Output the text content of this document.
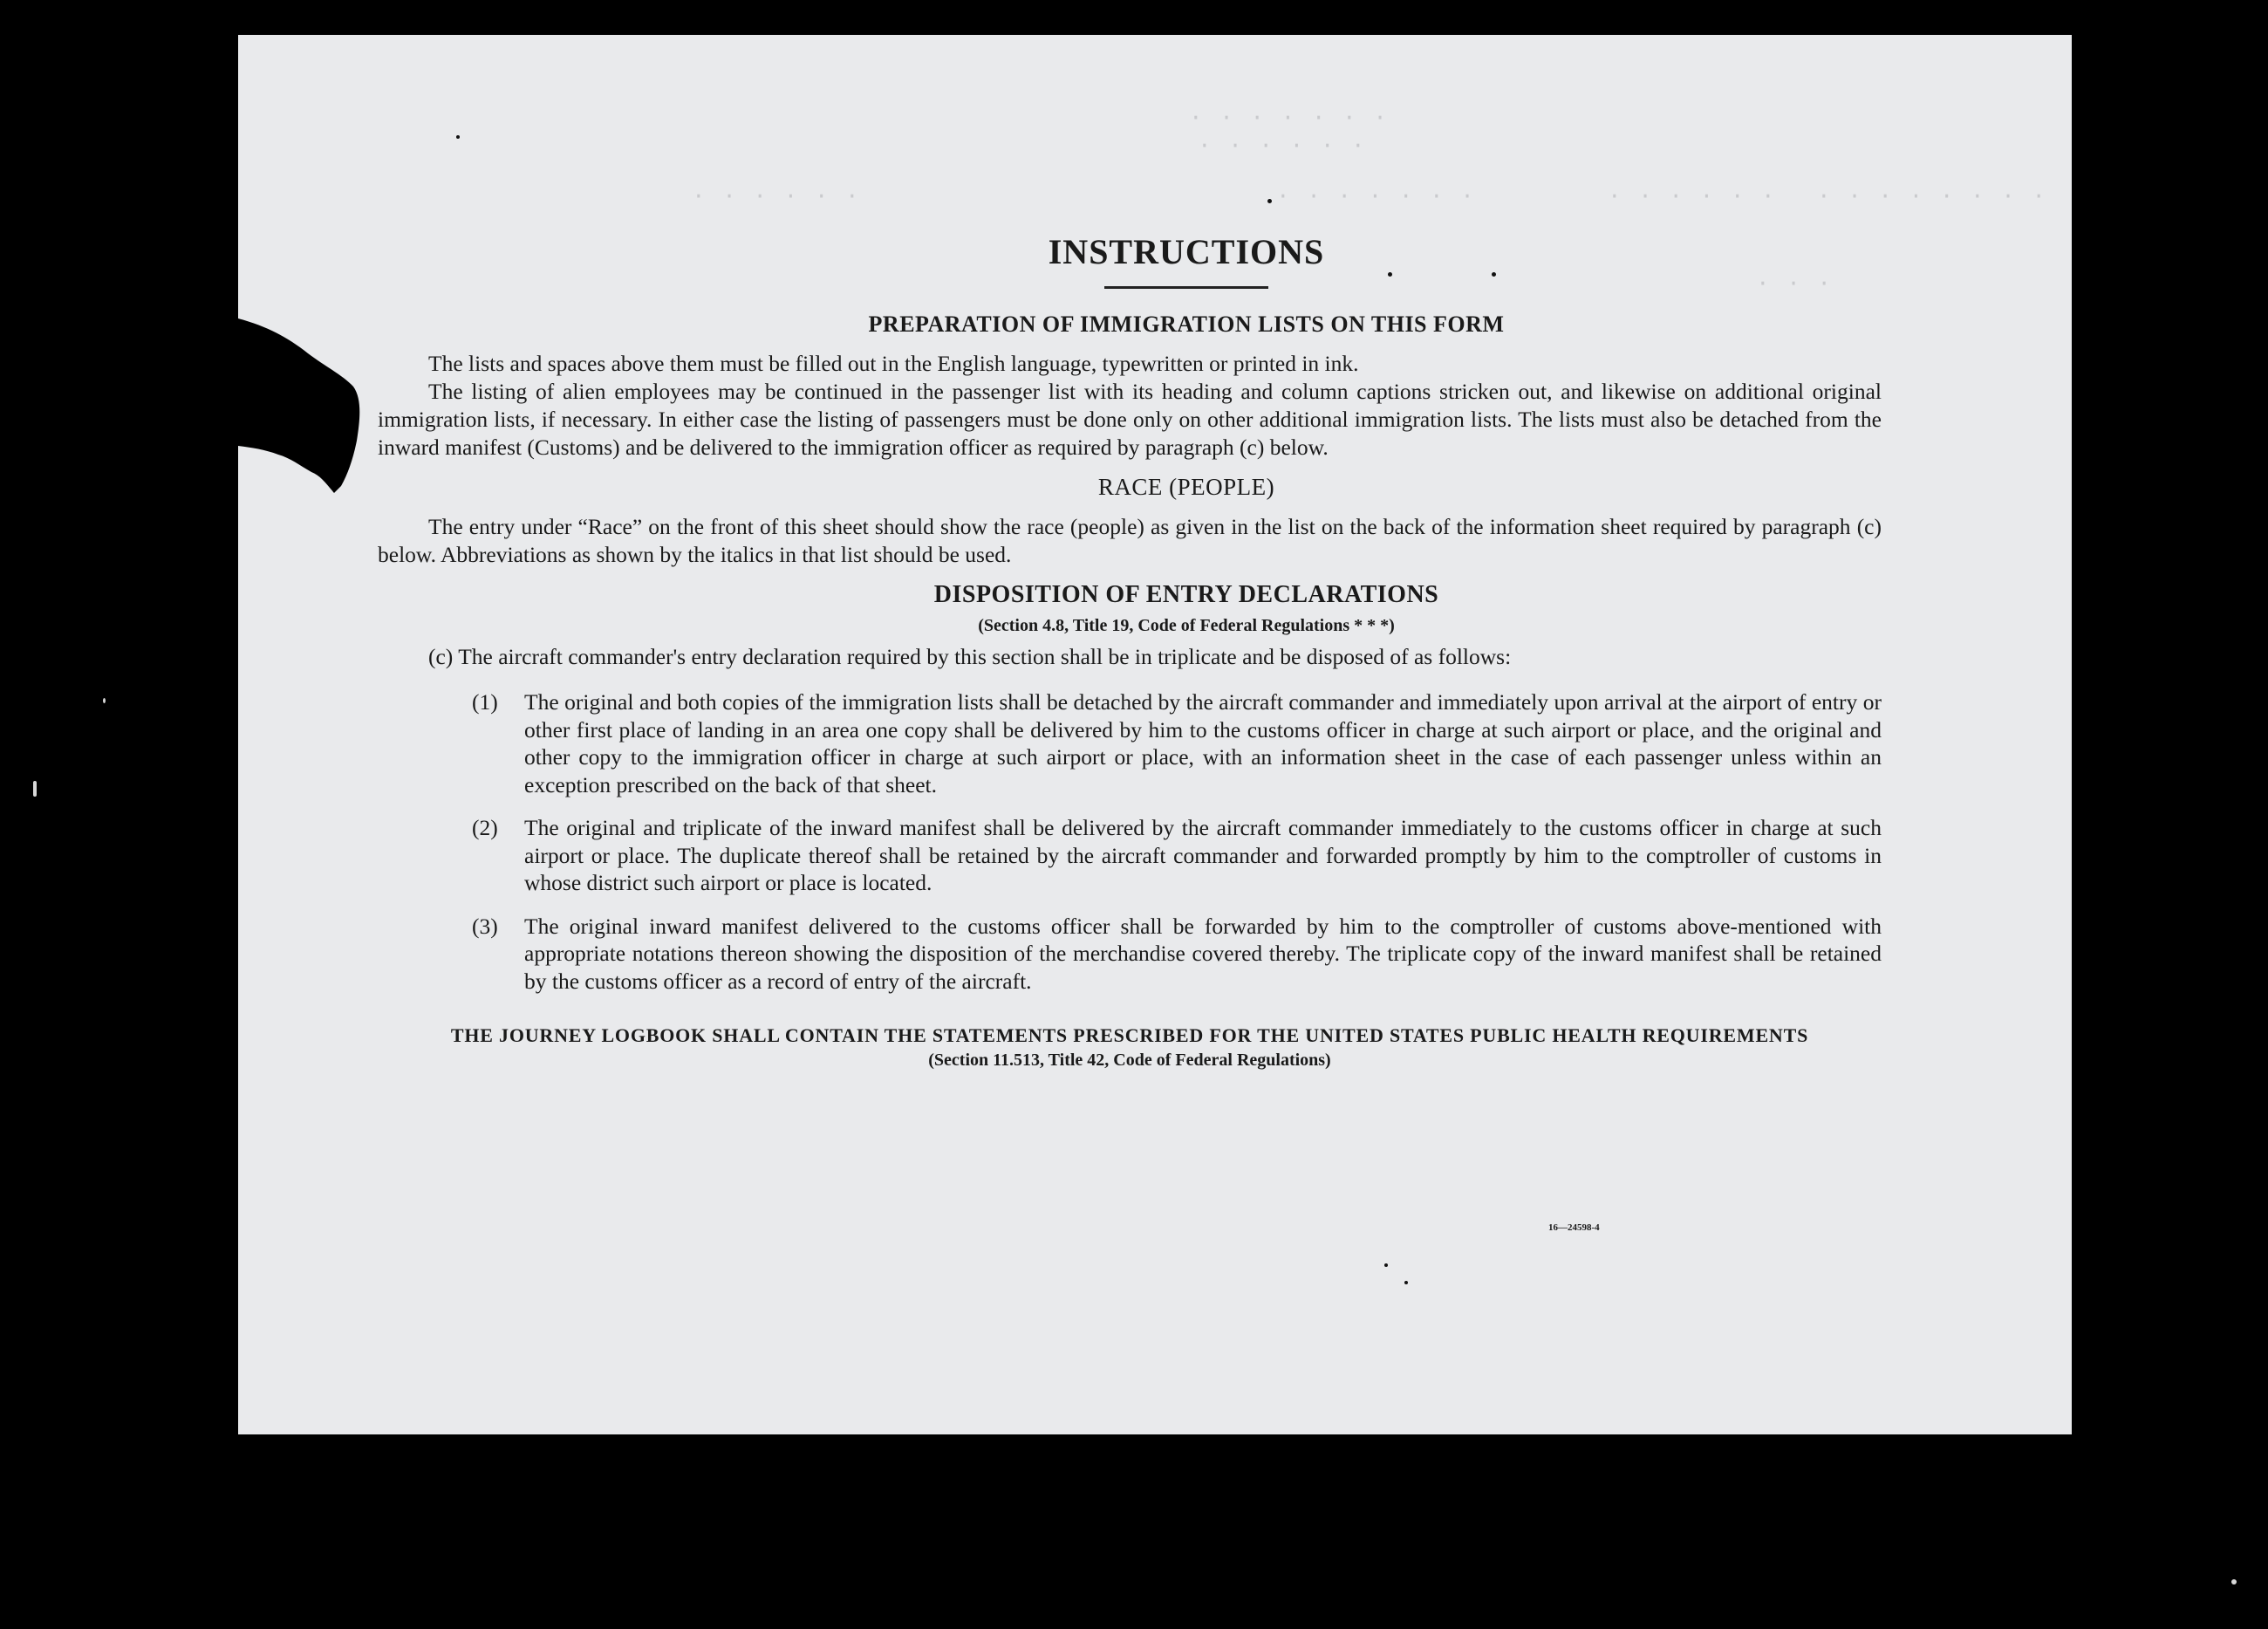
· · · · · · ·
· · · · · ·
· · · · · ·	· · · · · · ·	· · · · · · · · · · · · · ·
· · ·
INSTRUCTIONS
PREPARATION OF IMMIGRATION LISTS ON THIS FORM

The lists and spaces above them must be filled out in the English language, typewritten or printed in ink.

The listing of alien employees may be continued in the passenger list with its heading and column captions stricken out, and likewise on additional original immigration lists, if necessary. In either case the listing of passengers must be done only on other additional immigration lists. The lists must also be detached from the inward manifest (Customs) and be delivered to the immigration officer as required by paragraph (c) below.

RACE (PEOPLE)

The entry under “Race” on the front of this sheet should show the race (people) as given in the list on the back of the information sheet required by paragraph (c) below. Abbreviations as shown by the italics in that list should be used.

DISPOSITION OF ENTRY DECLARATIONS
(Section 4.8, Title 19, Code of Federal Regulations * * *)
(c) The aircraft commander's entry declaration required by this section shall be in triplicate and be disposed of as follows:
(1) The original and both copies of the immigration lists shall be detached by the aircraft commander and immediately upon arrival at the airport of entry or other first place of landing in an area one copy shall be delivered by him to the customs officer in charge at such airport or place, and the original and other copy to the immigration officer in charge at such airport or place, with an information sheet in the case of each passenger unless within an exception prescribed on the back of that sheet.
(2) The original and triplicate of the inward manifest shall be delivered by the aircraft commander immediately to the customs officer in charge at such airport or place. The duplicate thereof shall be retained by the aircraft commander and forwarded promptly by him to the comptroller of customs in whose district such airport or place is located.
(3) The original inward manifest delivered to the customs officer shall be forwarded by him to the comptroller of customs above-mentioned with appropriate notations thereon showing the disposition of the merchandise covered thereby. The triplicate copy of the inward manifest shall be retained by the customs officer as a record of entry of the aircraft.
THE JOURNEY LOGBOOK SHALL CONTAIN THE STATEMENTS PRESCRIBED FOR THE UNITED STATES PUBLIC HEALTH REQUIREMENTS
(Section 11.513, Title 42, Code of Federal Regulations)
16—24598-4
